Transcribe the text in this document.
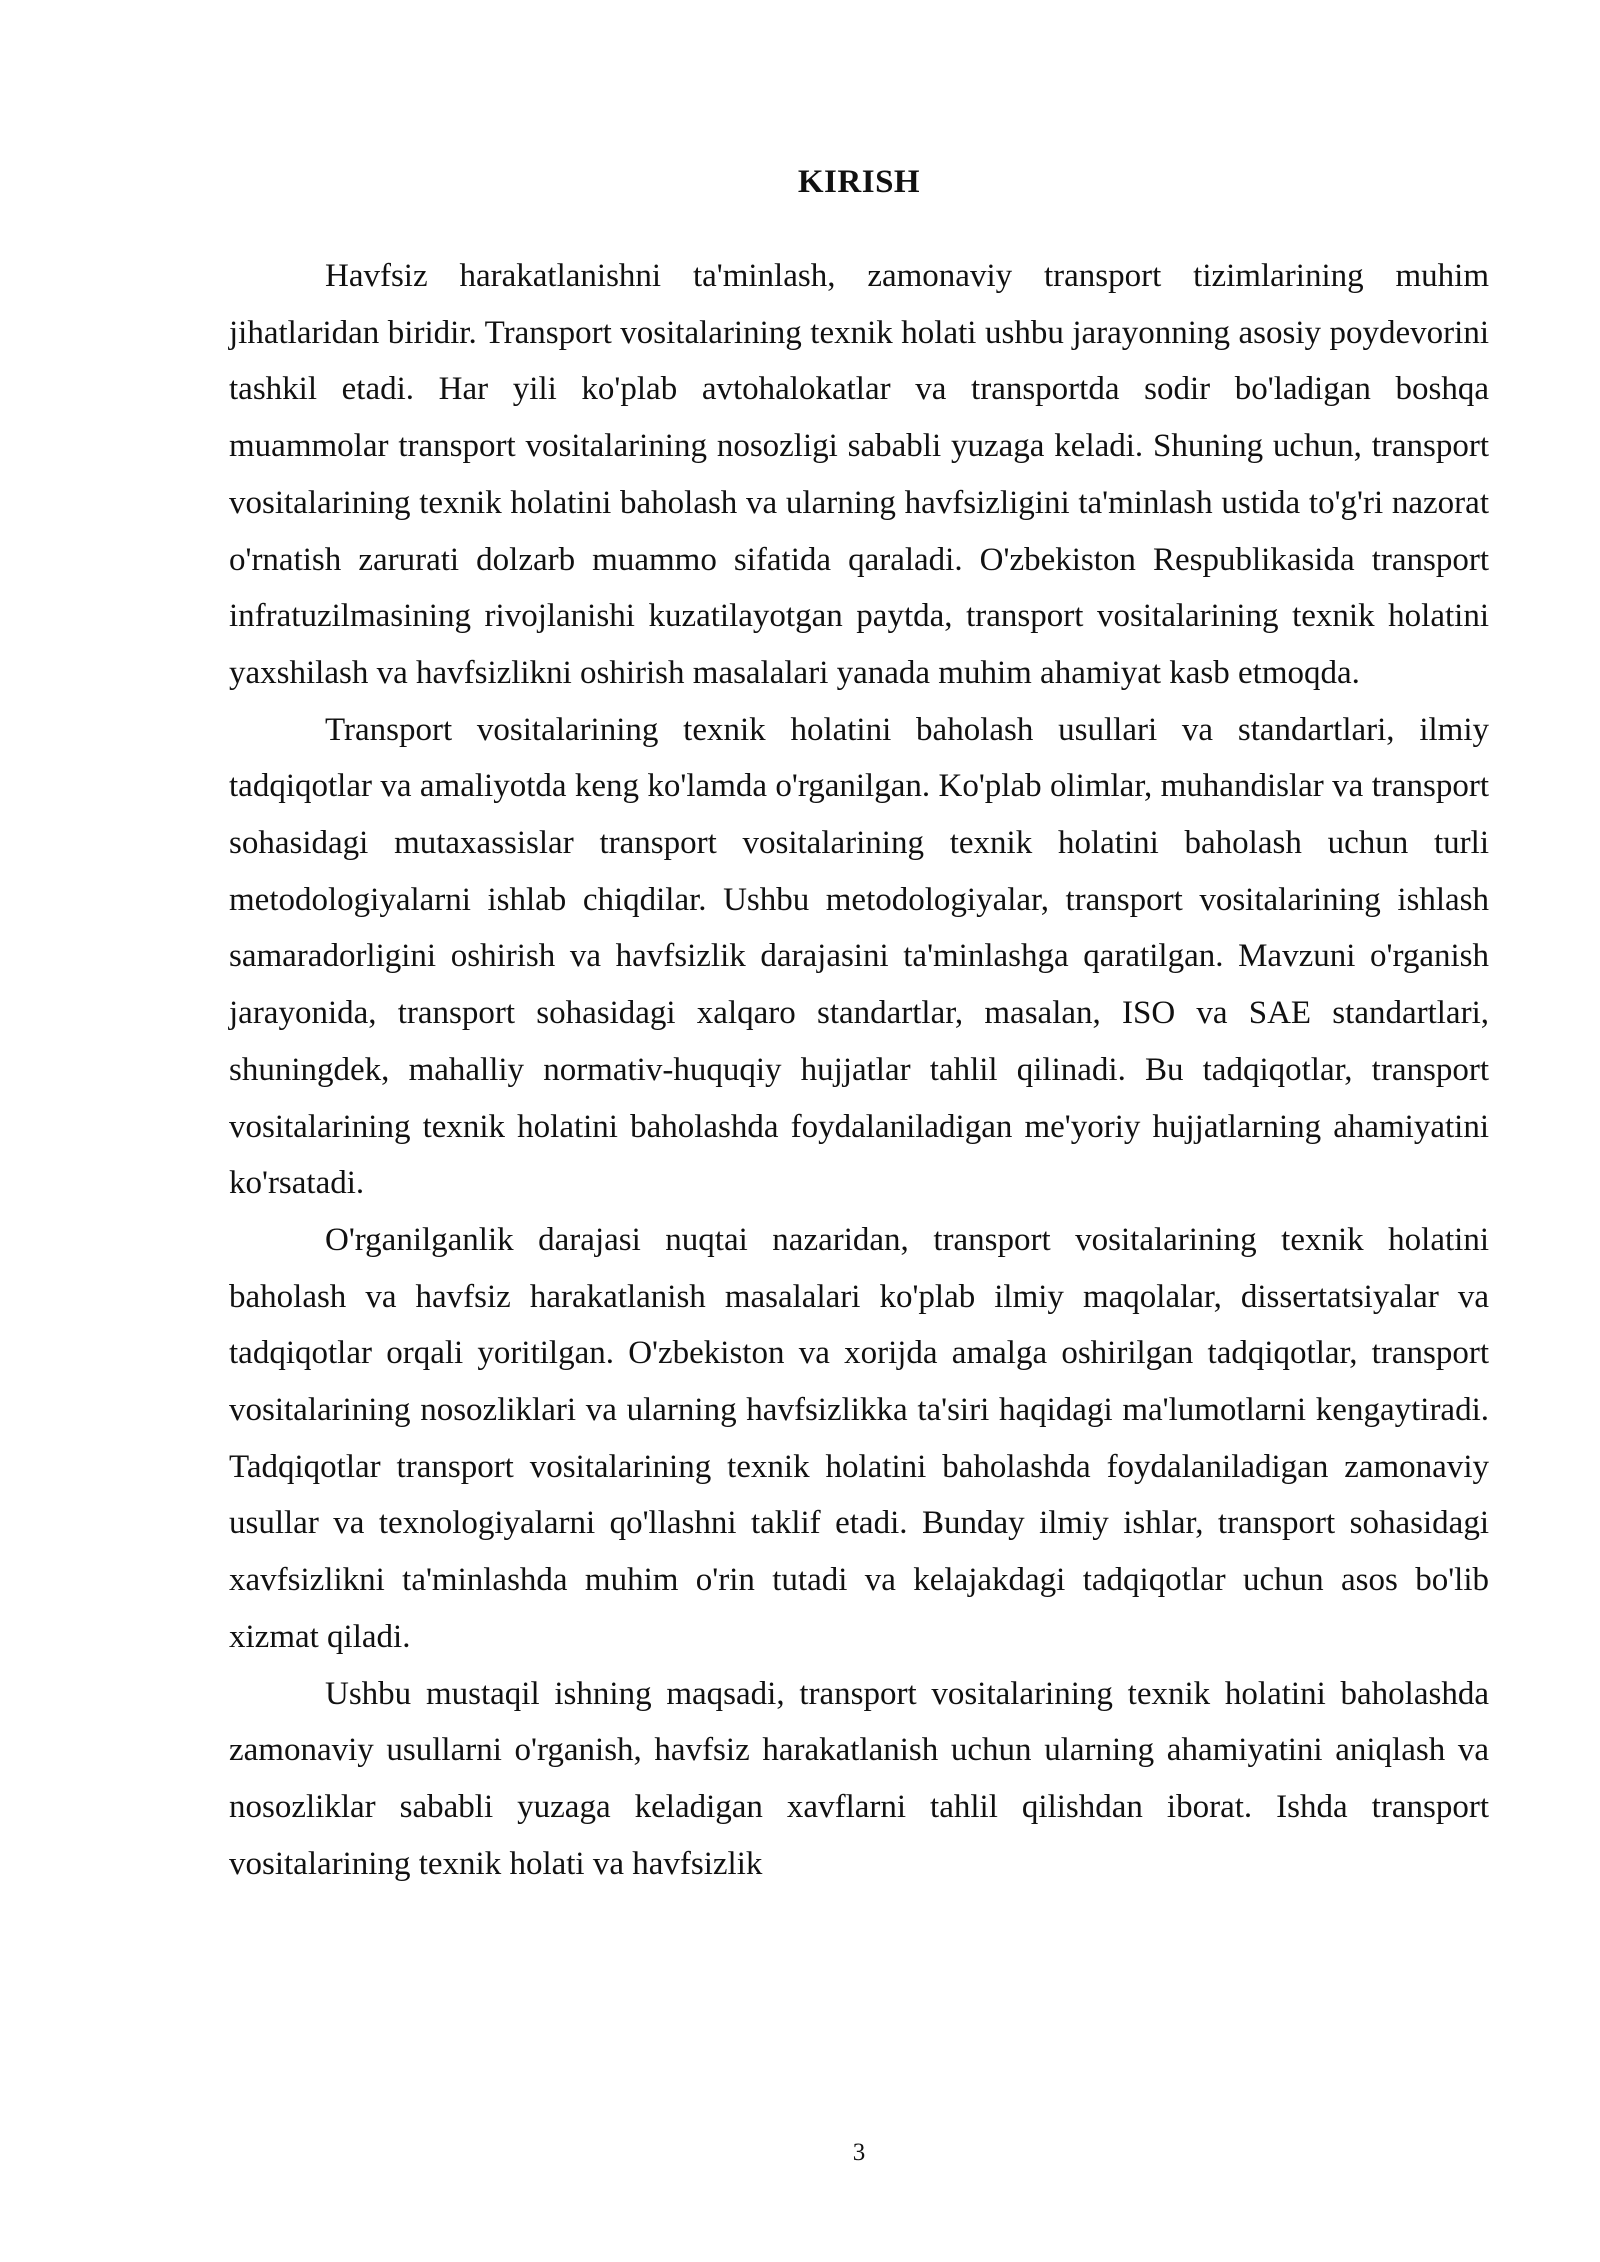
KIRISH

Havfsiz harakatlanishni ta'minlash, zamonaviy transport tizimlarining muhim jihatlaridan biridir. Transport vositalarining texnik holati ushbu jarayonning asosiy poydevorini tashkil etadi. Har yili ko'plab avtohalokatlar va transportda sodir bo'ladigan boshqa muammolar transport vositalarining nosozligi sababli yuzaga keladi. Shuning uchun, transport vositalarining texnik holatini baholash va ularning havfsizligini ta'minlash ustida to'g'ri nazorat o'rnatish zarurati dolzarb muammo sifatida qaraladi. O'zbekiston Respublikasida transport infratuzilmasining rivojlanishi kuzatilayotgan paytda, transport vositalarining texnik holatini yaxshilash va havfsizlikni oshirish masalalari yanada muhim ahamiyat kasb etmoqda.

Transport vositalarining texnik holatini baholash usullari va standartlari, ilmiy tadqiqotlar va amaliyotda keng ko'lamda o'rganilgan. Ko'plab olimlar, muhandislar va transport sohasidagi mutaxassislar transport vositalarining texnik holatini baholash uchun turli metodologiyalarni ishlab chiqdilar. Ushbu metodologiyalar, transport vositalarining ishlash samaradorligini oshirish va havfsizlik darajasini ta'minlashga qaratilgan. Mavzuni o'rganish jarayonida, transport sohasidagi xalqaro standartlar, masalan, ISO va SAE standartlari, shuningdek, mahalliy normativ-huquqiy hujjatlar tahlil qilinadi. Bu tadqiqotlar, transport vositalarining texnik holatini baholashda foydalaniladigan me'yoriy hujjatlarning ahamiyatini ko'rsatadi.

O'rganilganlik darajasi nuqtai nazaridan, transport vositalarining texnik holatini baholash va havfsiz harakatlanish masalalari ko'plab ilmiy maqolalar, dissertatsiyalar va tadqiqotlar orqali yoritilgan. O'zbekiston va xorijda amalga oshirilgan tadqiqotlar, transport vositalarining nosozliklari va ularning havfsizlikka ta'siri haqidagi ma'lumotlarni kengaytiradi. Tadqiqotlar transport vositalarining texnik holatini baholashda foydalaniladigan zamonaviy usullar va texnologiyalarni qo'llashni taklif etadi. Bunday ilmiy ishlar, transport sohasidagi xavfsizlikni ta'minlashda muhim o'rin tutadi va kelajakdagi tadqiqotlar uchun asos bo'lib xizmat qiladi.

Ushbu mustaqil ishning maqsadi, transport vositalarining texnik holatini baholashda zamonaviy usullarni o'rganish, havfsiz harakatlanish uchun ularning ahamiyatini aniqlash va nosozliklar sababli yuzaga keladigan xavflarni tahlil qilishdan iborat. Ishda transport vositalarining texnik holati va havfsizlik

3
